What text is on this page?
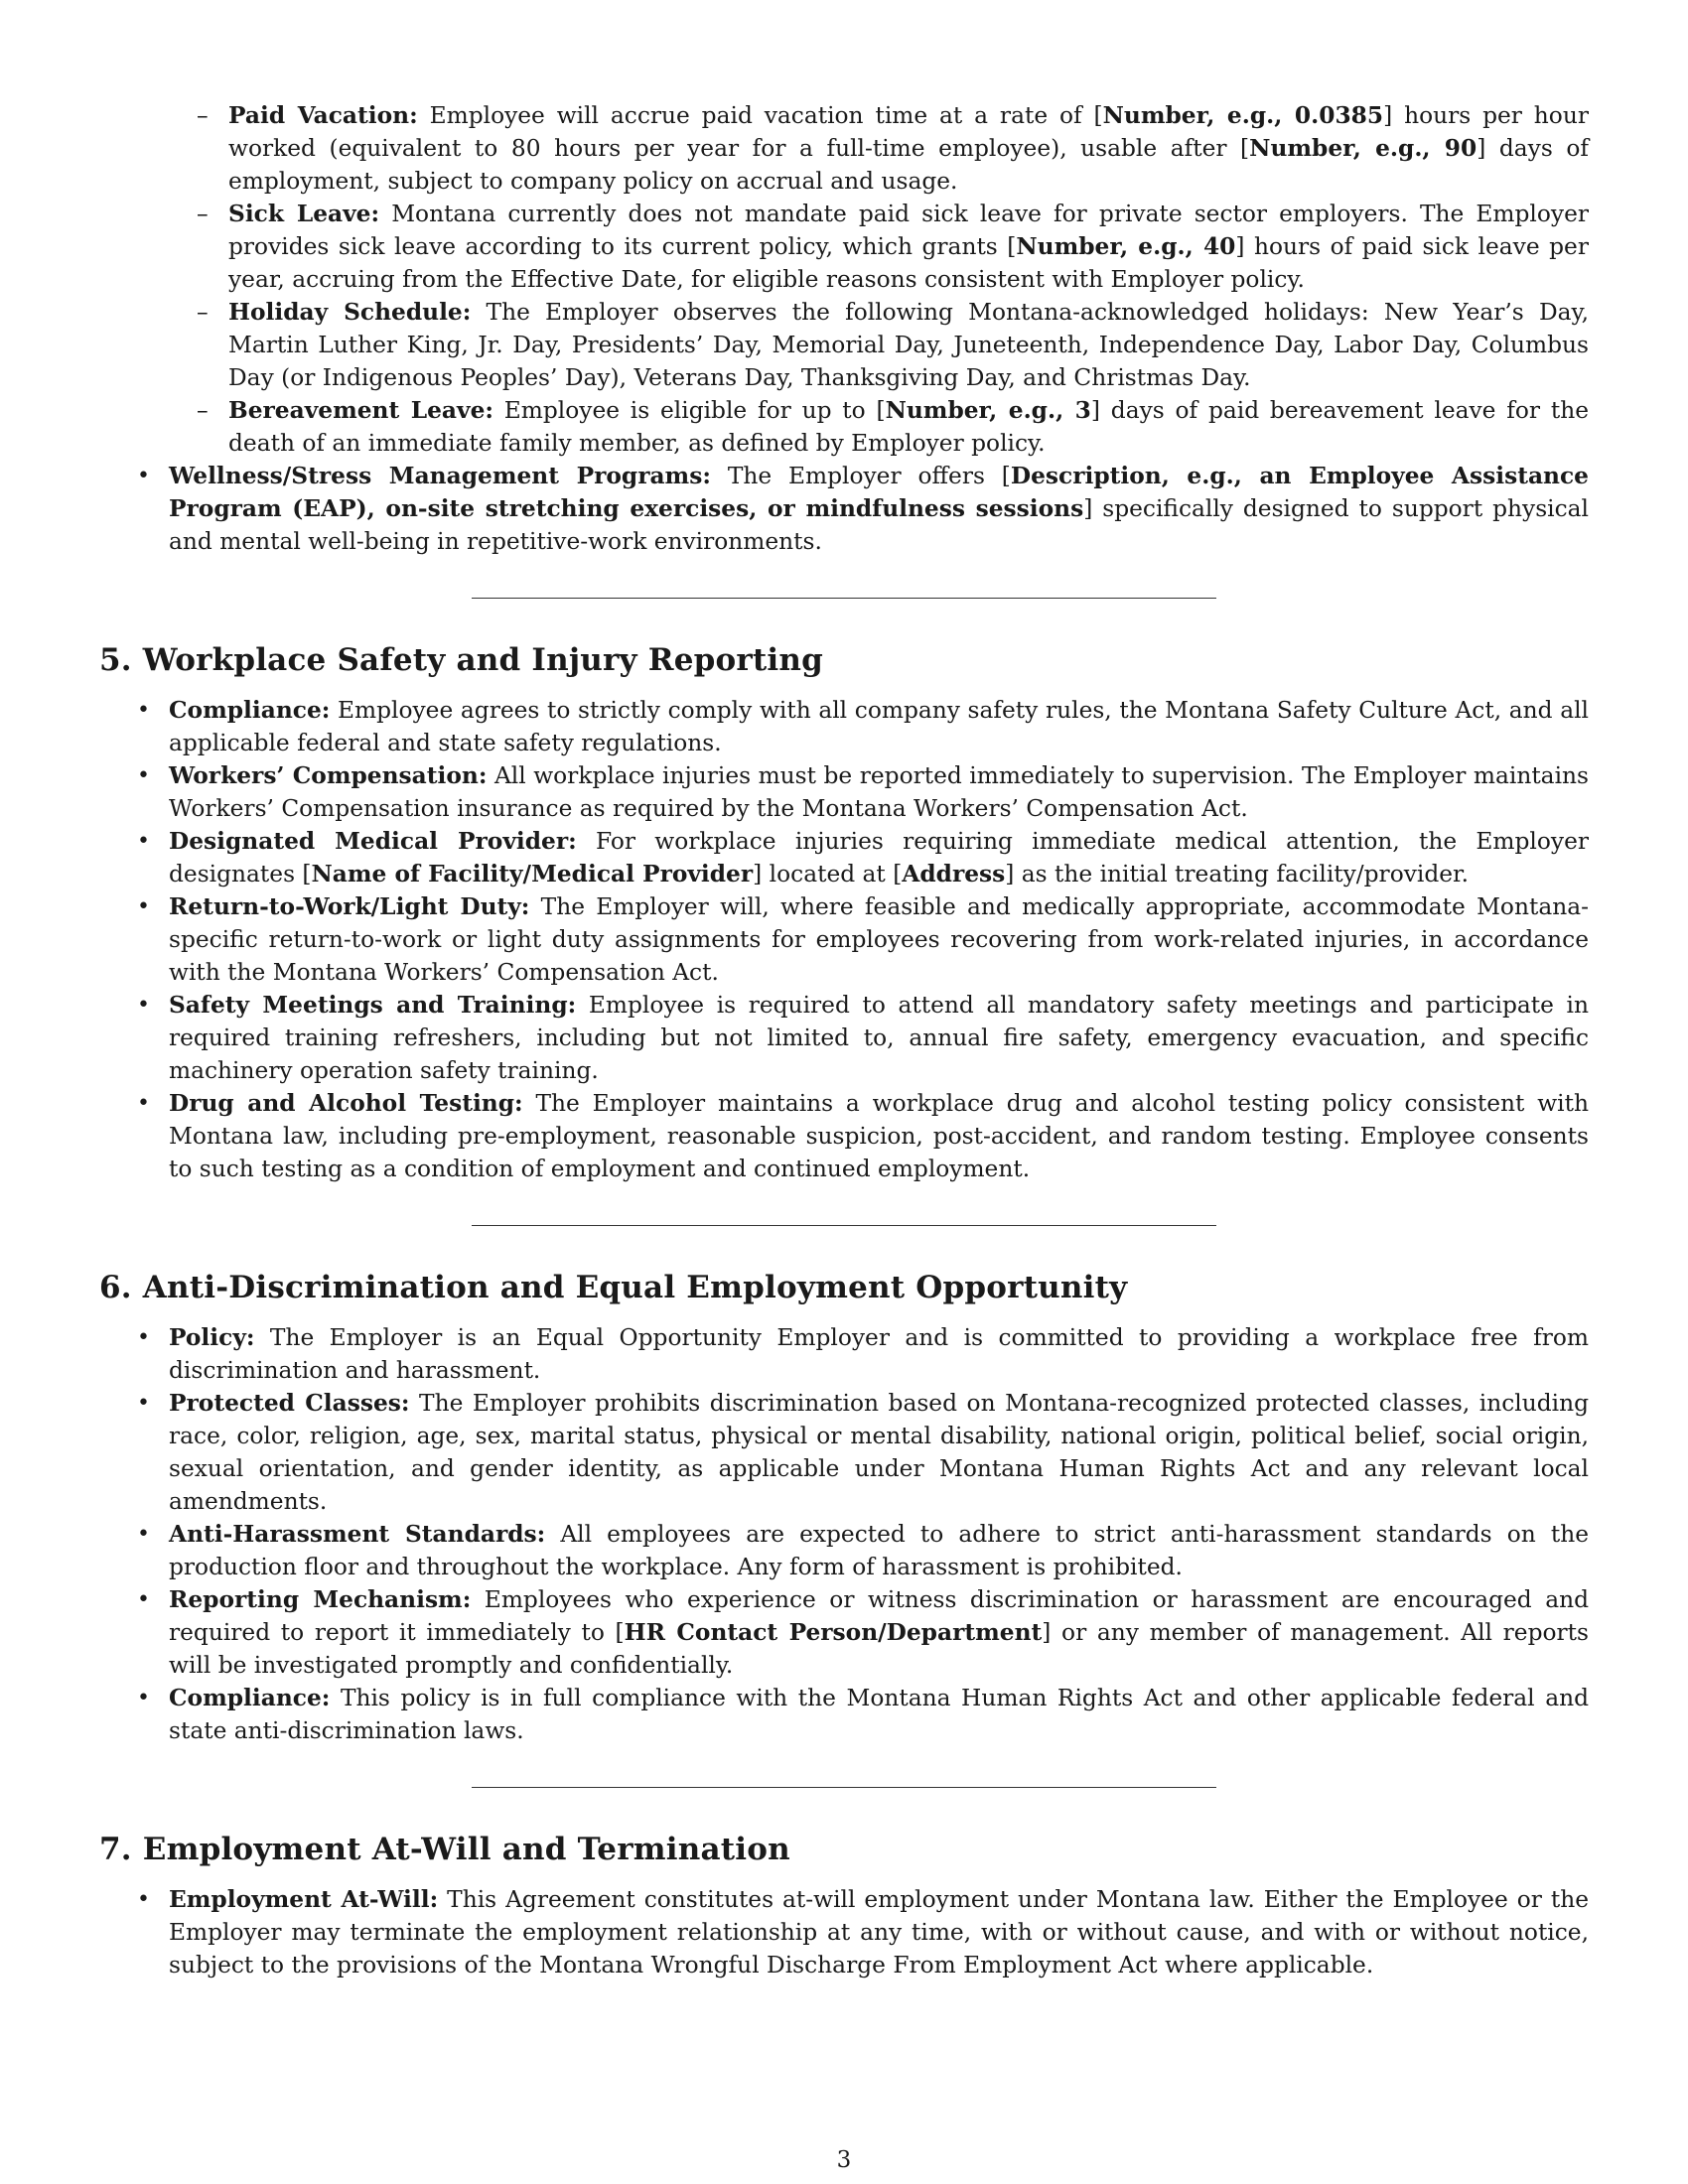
– Paid Vacation: Employee will accrue paid vacation time at a rate of [Number, e.g., 0.0385] hours per hour worked (equivalent to 80 hours per year for a full-time employee), usable after [Number, e.g., 90] days of employment, subject to company policy on accrual and usage.
– Sick Leave: Montana currently does not mandate paid sick leave for private sector employers. The Employer provides sick leave according to its current policy, which grants [Number, e.g., 40] hours of paid sick leave per year, accruing from the Effective Date, for eligible reasons consistent with Employer policy.
– Holiday Schedule: The Employer observes the following Montana-acknowledged holidays: New Year’s Day, Martin Luther King, Jr. Day, Presidents’ Day, Memorial Day, Juneteenth, Independence Day, Labor Day, Columbus Day (or Indigenous Peoples’ Day), Veterans Day, Thanksgiving Day, and Christmas Day.
– Bereavement Leave: Employee is eligible for up to [Number, e.g., 3] days of paid bereavement leave for the death of an immediate family member, as defined by Employer policy.
• Wellness/Stress Management Programs: The Employer offers [Description, e.g., an Employee Assistance Program (EAP), on-site stretching exercises, or mindfulness sessions] specifically designed to support physical and mental well-being in repetitive-work environments.
5. Workplace Safety and Injury Reporting
• Compliance: Employee agrees to strictly comply with all company safety rules, the Montana Safety Culture Act, and all applicable federal and state safety regulations.
• Workers’ Compensation: All workplace injuries must be reported immediately to supervision. The Employer maintains Workers’ Compensation insurance as required by the Montana Workers’ Compensation Act.
• Designated Medical Provider: For workplace injuries requiring immediate medical attention, the Employer designates [Name of Facility/Medical Provider] located at [Address] as the initial treating facility/provider.
• Return-to-Work/Light Duty: The Employer will, where feasible and medically appropriate, accommodate Montana-specific return-to-work or light duty assignments for employees recovering from work-related injuries, in accordance with the Montana Workers’ Compensation Act.
• Safety Meetings and Training: Employee is required to attend all mandatory safety meetings and participate in required training refreshers, including but not limited to, annual fire safety, emergency evacuation, and specific machinery operation safety training.
• Drug and Alcohol Testing: The Employer maintains a workplace drug and alcohol testing policy consistent with Montana law, including pre-employment, reasonable suspicion, post-accident, and random testing. Employee consents to such testing as a condition of employment and continued employment.
6. Anti-Discrimination and Equal Employment Opportunity
• Policy: The Employer is an Equal Opportunity Employer and is committed to providing a workplace free from discrimination and harassment.
• Protected Classes: The Employer prohibits discrimination based on Montana-recognized protected classes, including race, color, religion, age, sex, marital status, physical or mental disability, national origin, political belief, social origin, sexual orientation, and gender identity, as applicable under Montana Human Rights Act and any relevant local amendments.
• Anti-Harassment Standards: All employees are expected to adhere to strict anti-harassment standards on the production floor and throughout the workplace. Any form of harassment is prohibited.
• Reporting Mechanism: Employees who experience or witness discrimination or harassment are encouraged and required to report it immediately to [HR Contact Person/Department] or any member of management. All reports will be investigated promptly and confidentially.
• Compliance: This policy is in full compliance with the Montana Human Rights Act and other applicable federal and state anti-discrimination laws.
7. Employment At-Will and Termination
• Employment At-Will: This Agreement constitutes at-will employment under Montana law. Either the Employee or the Employer may terminate the employment relationship at any time, with or without cause, and with or without notice, subject to the provisions of the Montana Wrongful Discharge From Employment Act where applicable.
3
